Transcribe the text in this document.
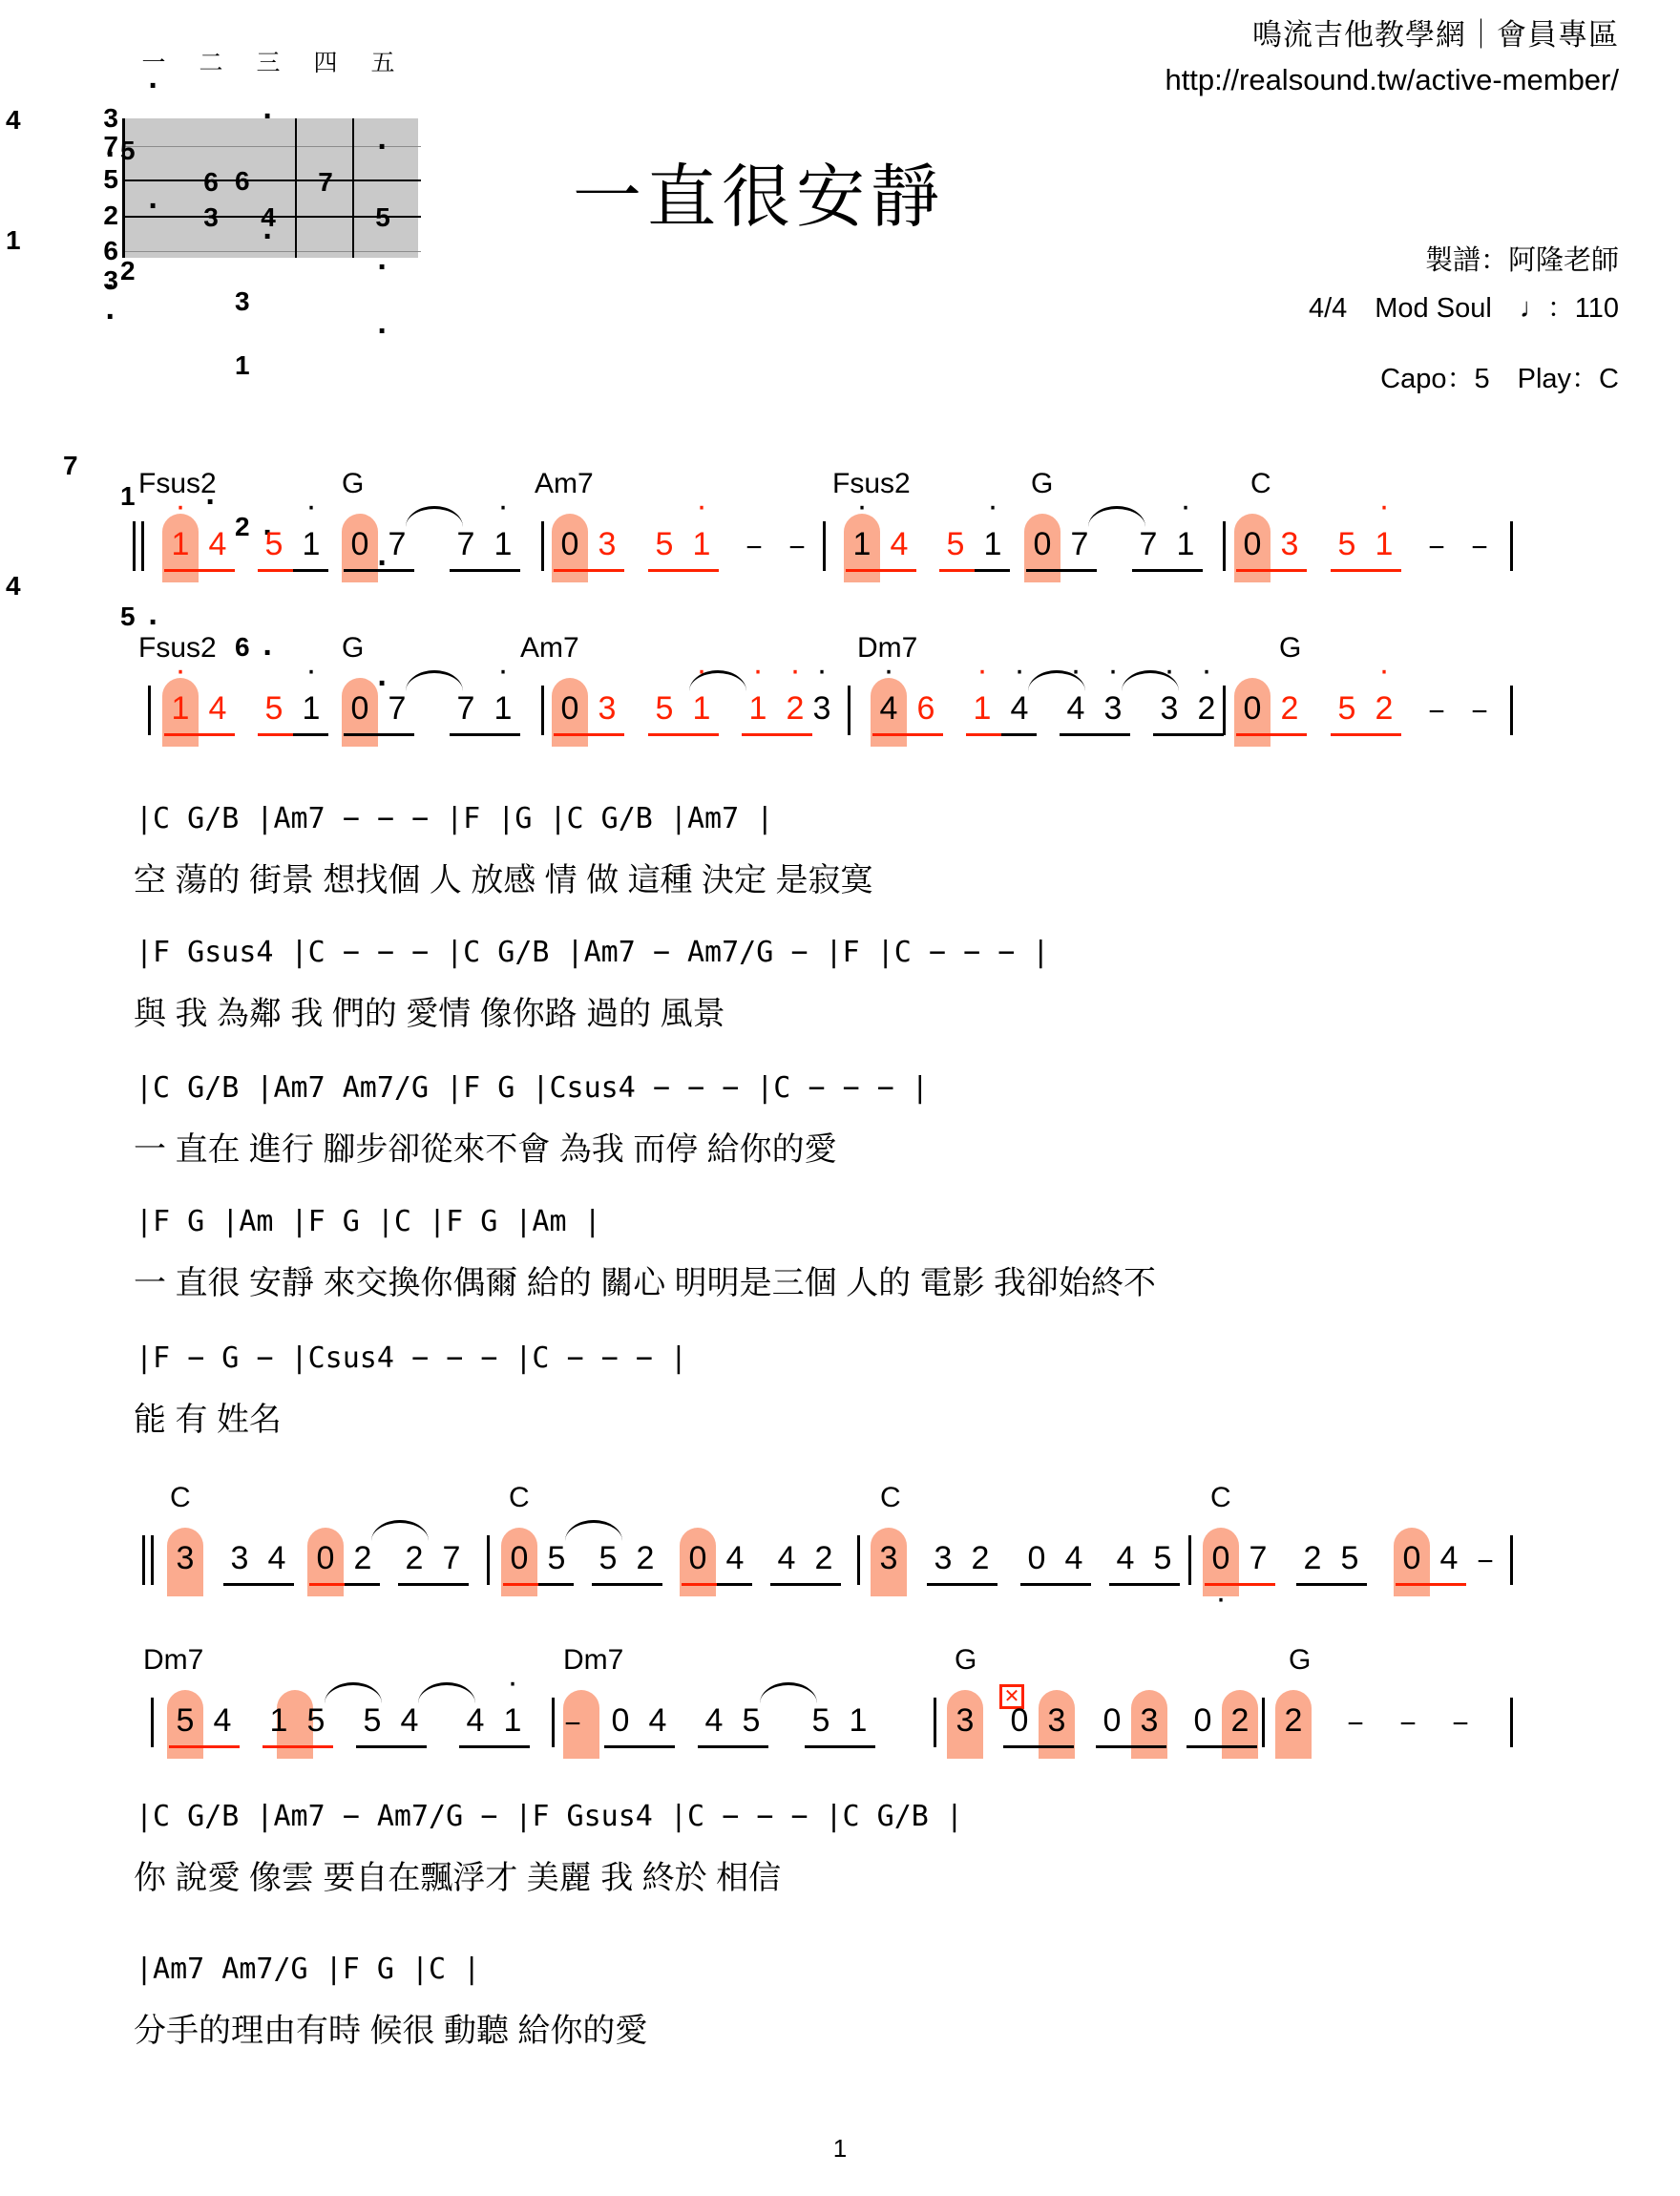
鳴流吉他教學網｜會員專區
http://realsound.tw/active-member/
一 二 三 四 五
3 ·
7
5
2
6 ·
3 ·
4 ·
5 ·
6 ·
1 ·
2 ·
3 ·
6	7
1 ·
3 4	5
7 ·
1 ·
2 ·
4 ·
5 ·
6 ·
一直很安靜
製譜：阿隆老師
4/4　Mod Soul　♩：110
Capo：5　Play：C
Fsus2	G	Am7	Fsus2	G	C
1 · 4 5 1 · 0 7 7 1 · 0 3 5 1 · − − 1 · 4 5 1 · 0 7 7 1 · 0 3 5 1 · − −
Fsus2	G	Am7	Dm7	G
1 · 4 5 1 · 0 7 7 1 · 0 3 5 1 · 1 · 2 · 3 · 4 · 6 1 · 4 · 4 · 3 · 3 · 2 · 0 2 5 2 · − −
|C G/B |Am7 − − − |F |G |C G/B |Am7 |
空 蕩的 街景 想找個 人 放感 情 做 這種 決定 是寂寞
|F Gsus4 |C − − − |C G/B |Am7 − Am7/G − |F |C − − − |
與 我 為鄰 我 們的 愛情 像你路 過的 風景
|C G/B |Am7 Am7/G |F G |Csus4 − − − |C − − − |
一 直在 進行 腳步卻從來不會 為我 而停 給你的愛
|F G |Am |F G |C |F G |Am |
一 直很 安靜 來交換你偶爾 給的 關心 明明是三個 人的 電影 我卻始終不
|F − G − |Csus4 − − − |C − − − |
能 有 姓名
C	C	C	C
3 3 4 0 2 2 7 0 5 5 2 0 4 4 2 3 3 2 0 4 4 5 0 · 7 2 5 0 4 −
Dm7	Dm7	G	G
5 4 1 5 5 4 4 1 · − 0 4 4 5 5 1	3
✕ 0 3 0 3 0 2 2 − − −
|C G/B |Am7 − Am7/G − |F Gsus4 |C − − − |C G/B |
你 說愛 像雲 要自在飄浮才 美麗 我 終於 相信
|Am7 Am7/G |F G |C |
分手的理由有時 候很 動聽 給你的愛
1
